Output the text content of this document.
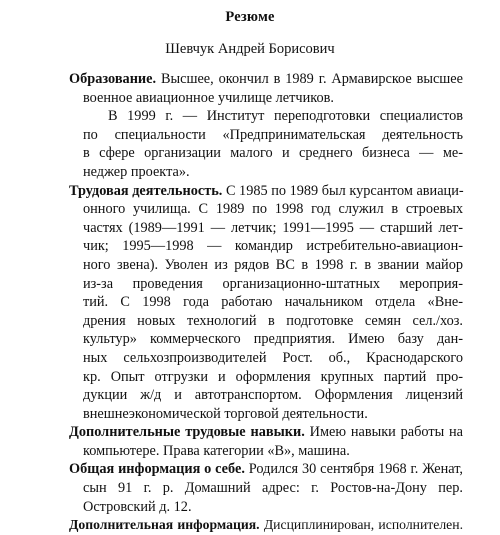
Резюме
Шевчук Андрей Борисович
Образование. Высшее, окончил в 1989 г. Армавирское высшее
военное авиационное училище летчиков.
В 1999 г. — Институт переподготовки специалистов
по специальности «Предпринимательская деятельность
в сфере организации малого и среднего бизнеса — ме-
неджер проекта».
Трудовая деятельность. С 1985 по 1989 был курсантом авиаци-
онного училища. С 1989 по 1998 год служил в строевых
частях (1989—1991 — летчик; 1991—1995 — старший лет-
чик; 1995—1998 — командир истребительно-авиацион-
ного звена). Уволен из рядов ВС в 1998 г. в звании майор
из-за проведения организационно-штатных мероприя-
тий. С 1998 года работаю начальником отдела «Вне-
дрения новых технологий в подготовке семян сел./хоз.
культур» коммерческого предприятия. Имею базу дан-
ных сельхозпроизводителей Рост. об., Краснодарского
кр. Опыт отгрузки и оформления крупных партий про-
дукции ж/д и автотранспортом. Оформления лицензий
внешнеэкономической торговой деятельности.
Дополнительные трудовые навыки. Имею навыки работы на
компьютере. Права категории «В», машина.
Общая информация о себе. Родился 30 сентября 1968 г. Женат,
сын 91 г. р. Домашний адрес: г. Ростов-на-Дону пер.
Островский д. 12.
Дополнительная информация. Дисциплинирован, исполнителен.
